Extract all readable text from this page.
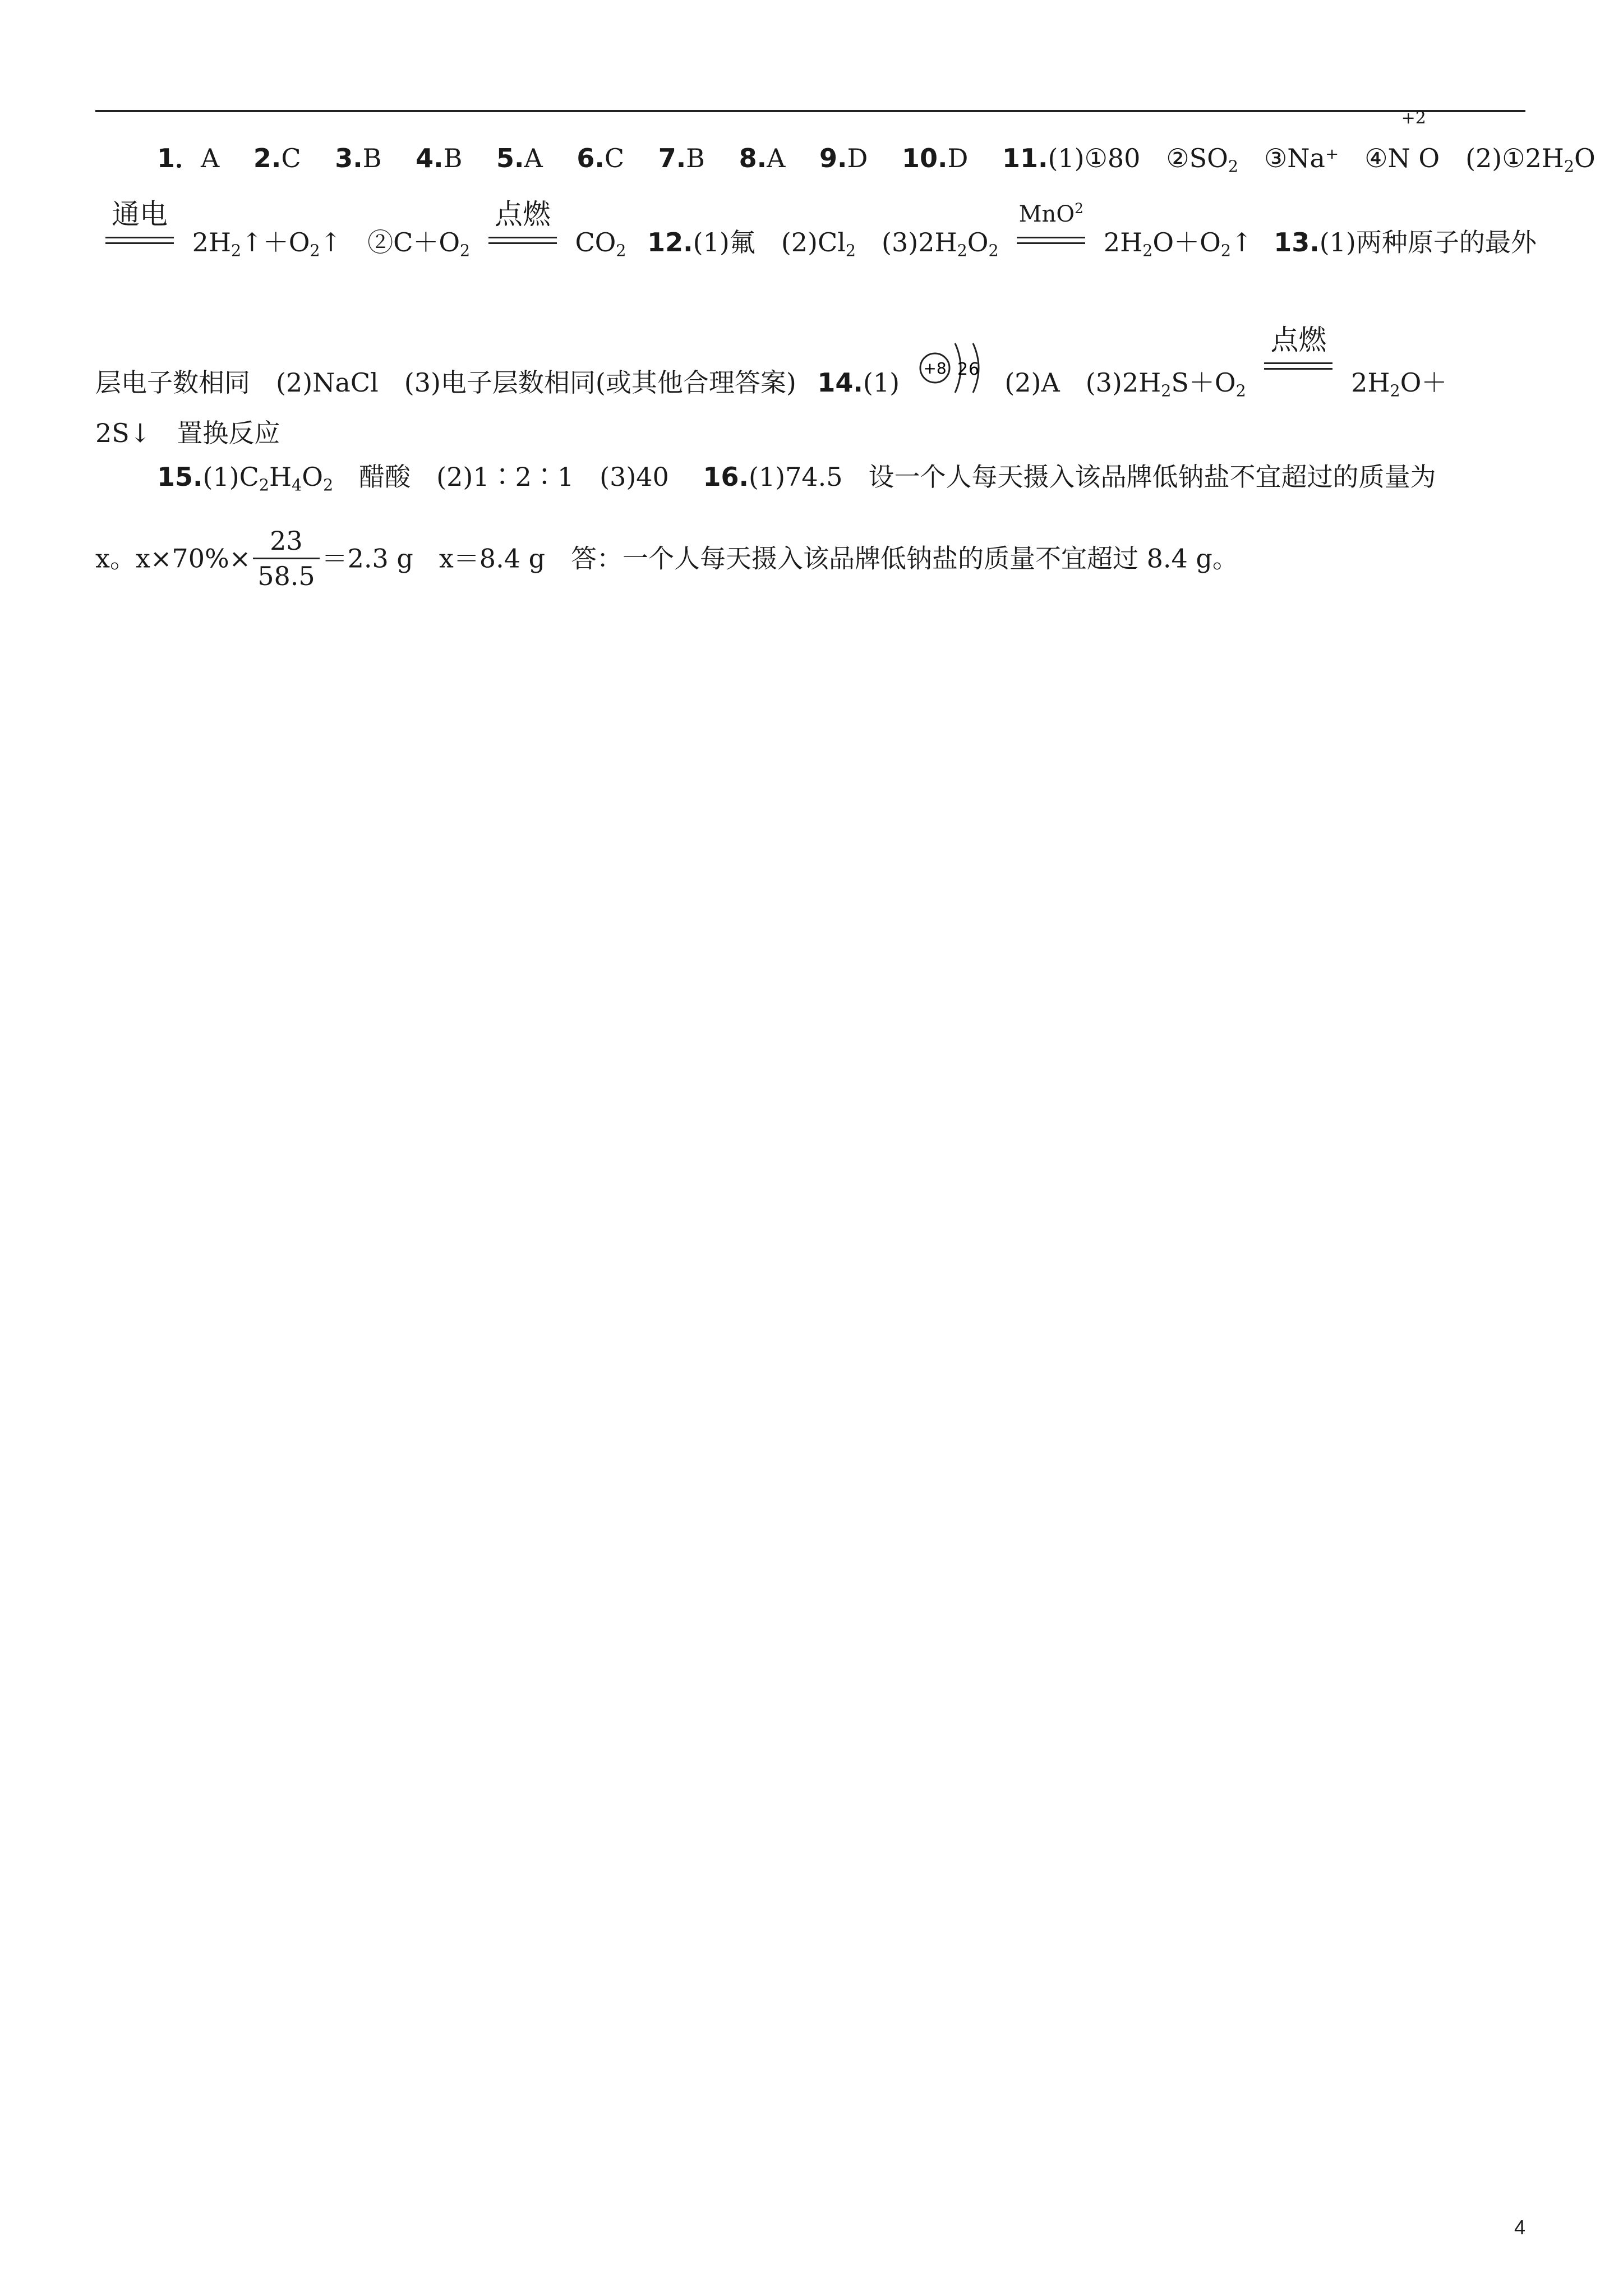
1．A  2.C  3.B  4.B  5.A  6.C  7.B  8.A  9.D  10.D  11.(1)①80　$②SO_2$  ③Na⁺　④
+2
N O  $(2)①2H_2O$
通电
$2H_2↑+O_2↑$　$②C+O_2$
点燃
$CO_2$  12.(1)氟　$(2)Cl_2$  $(3)2H_2O_2$
MnO$^2$
$2H_2O+O_2↑$  13.(1)两种原子的最外
层电子数相同　(2)NaCl　(3)电子层数相同(或其他合理答案)  14.(1) +8 2 6 (2)A　$(3)2H_2S+O_2$
点燃
$2H_2O+$
2S↓　置换反应
$15.(1)C_2H_4O_2$  醋酸　(2)1∶2∶1　(3)40  16.(1)74.5　设一个人每天摄入该品牌低钠盐不宜超过的质量为
x。$x\times 70\%\times \frac{23}{58.5} =2.3$ g　x＝8.4 g　答：一个人每天摄入该品牌低钠盐的质量不宜超过 8.4 g。
4
